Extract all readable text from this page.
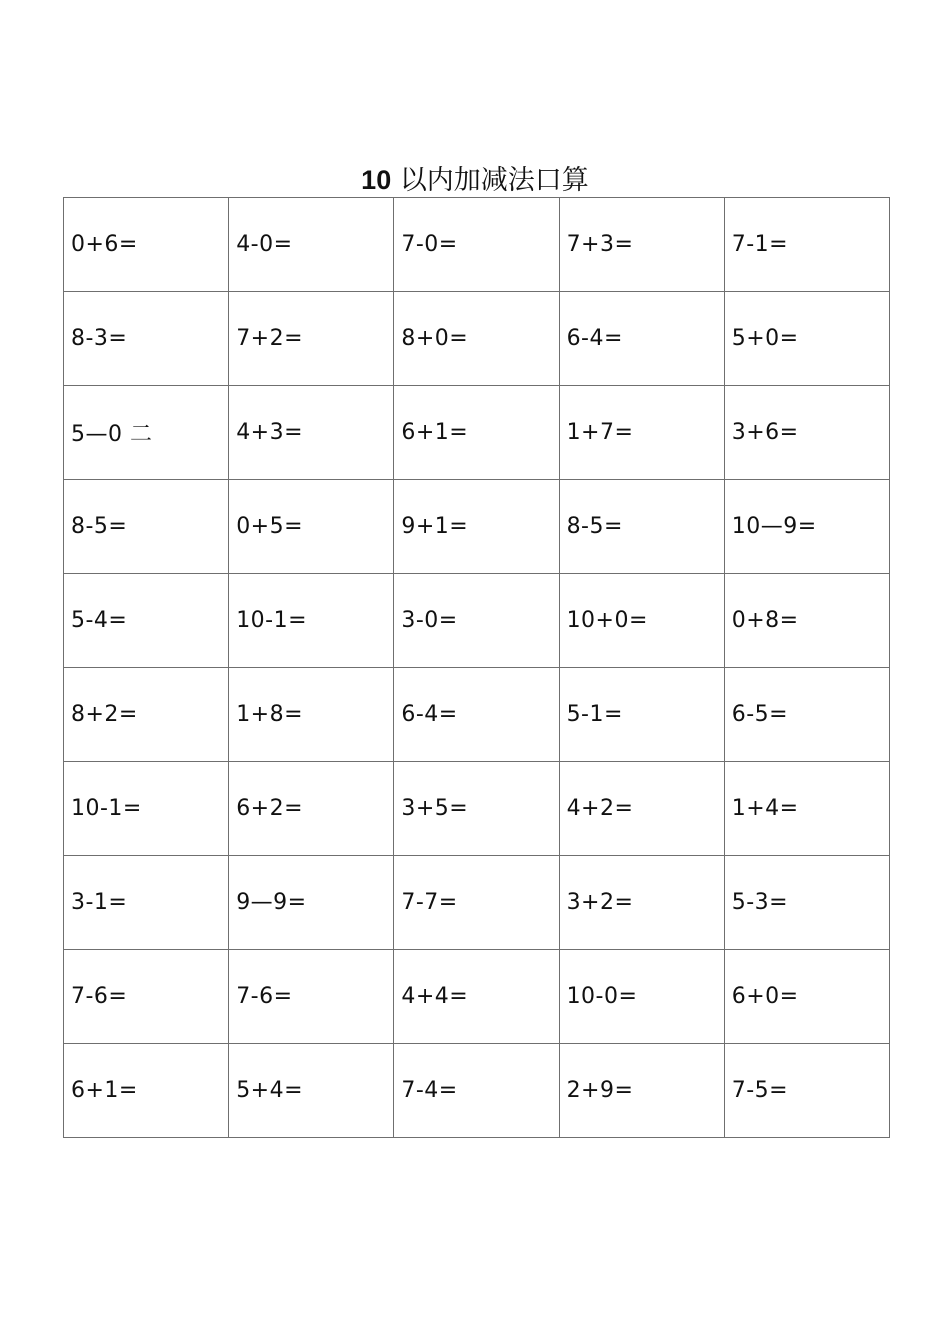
10 以内加减法口算
0+6=	4-0=	7-0=	7+3=	7-1=
8-3=	7+2=	8+0=	6-4=	5+0=
5—0 二	4+3=	6+1=	1+7=	3+6=
8-5=	0+5=	9+1=	8-5=	10—9=
5-4=	10-1=	3-0=	10+0=	0+8=
8+2=	1+8=	6-4=	5-1=	6-5=
10-1=	6+2=	3+5=	4+2=	1+4=
3-1=	9—9=	7-7=	3+2=	5-3=
7-6=	7-6=	4+4=	10-0=	6+0=
6+1=	5+4=	7-4=	2+9=	7-5=
